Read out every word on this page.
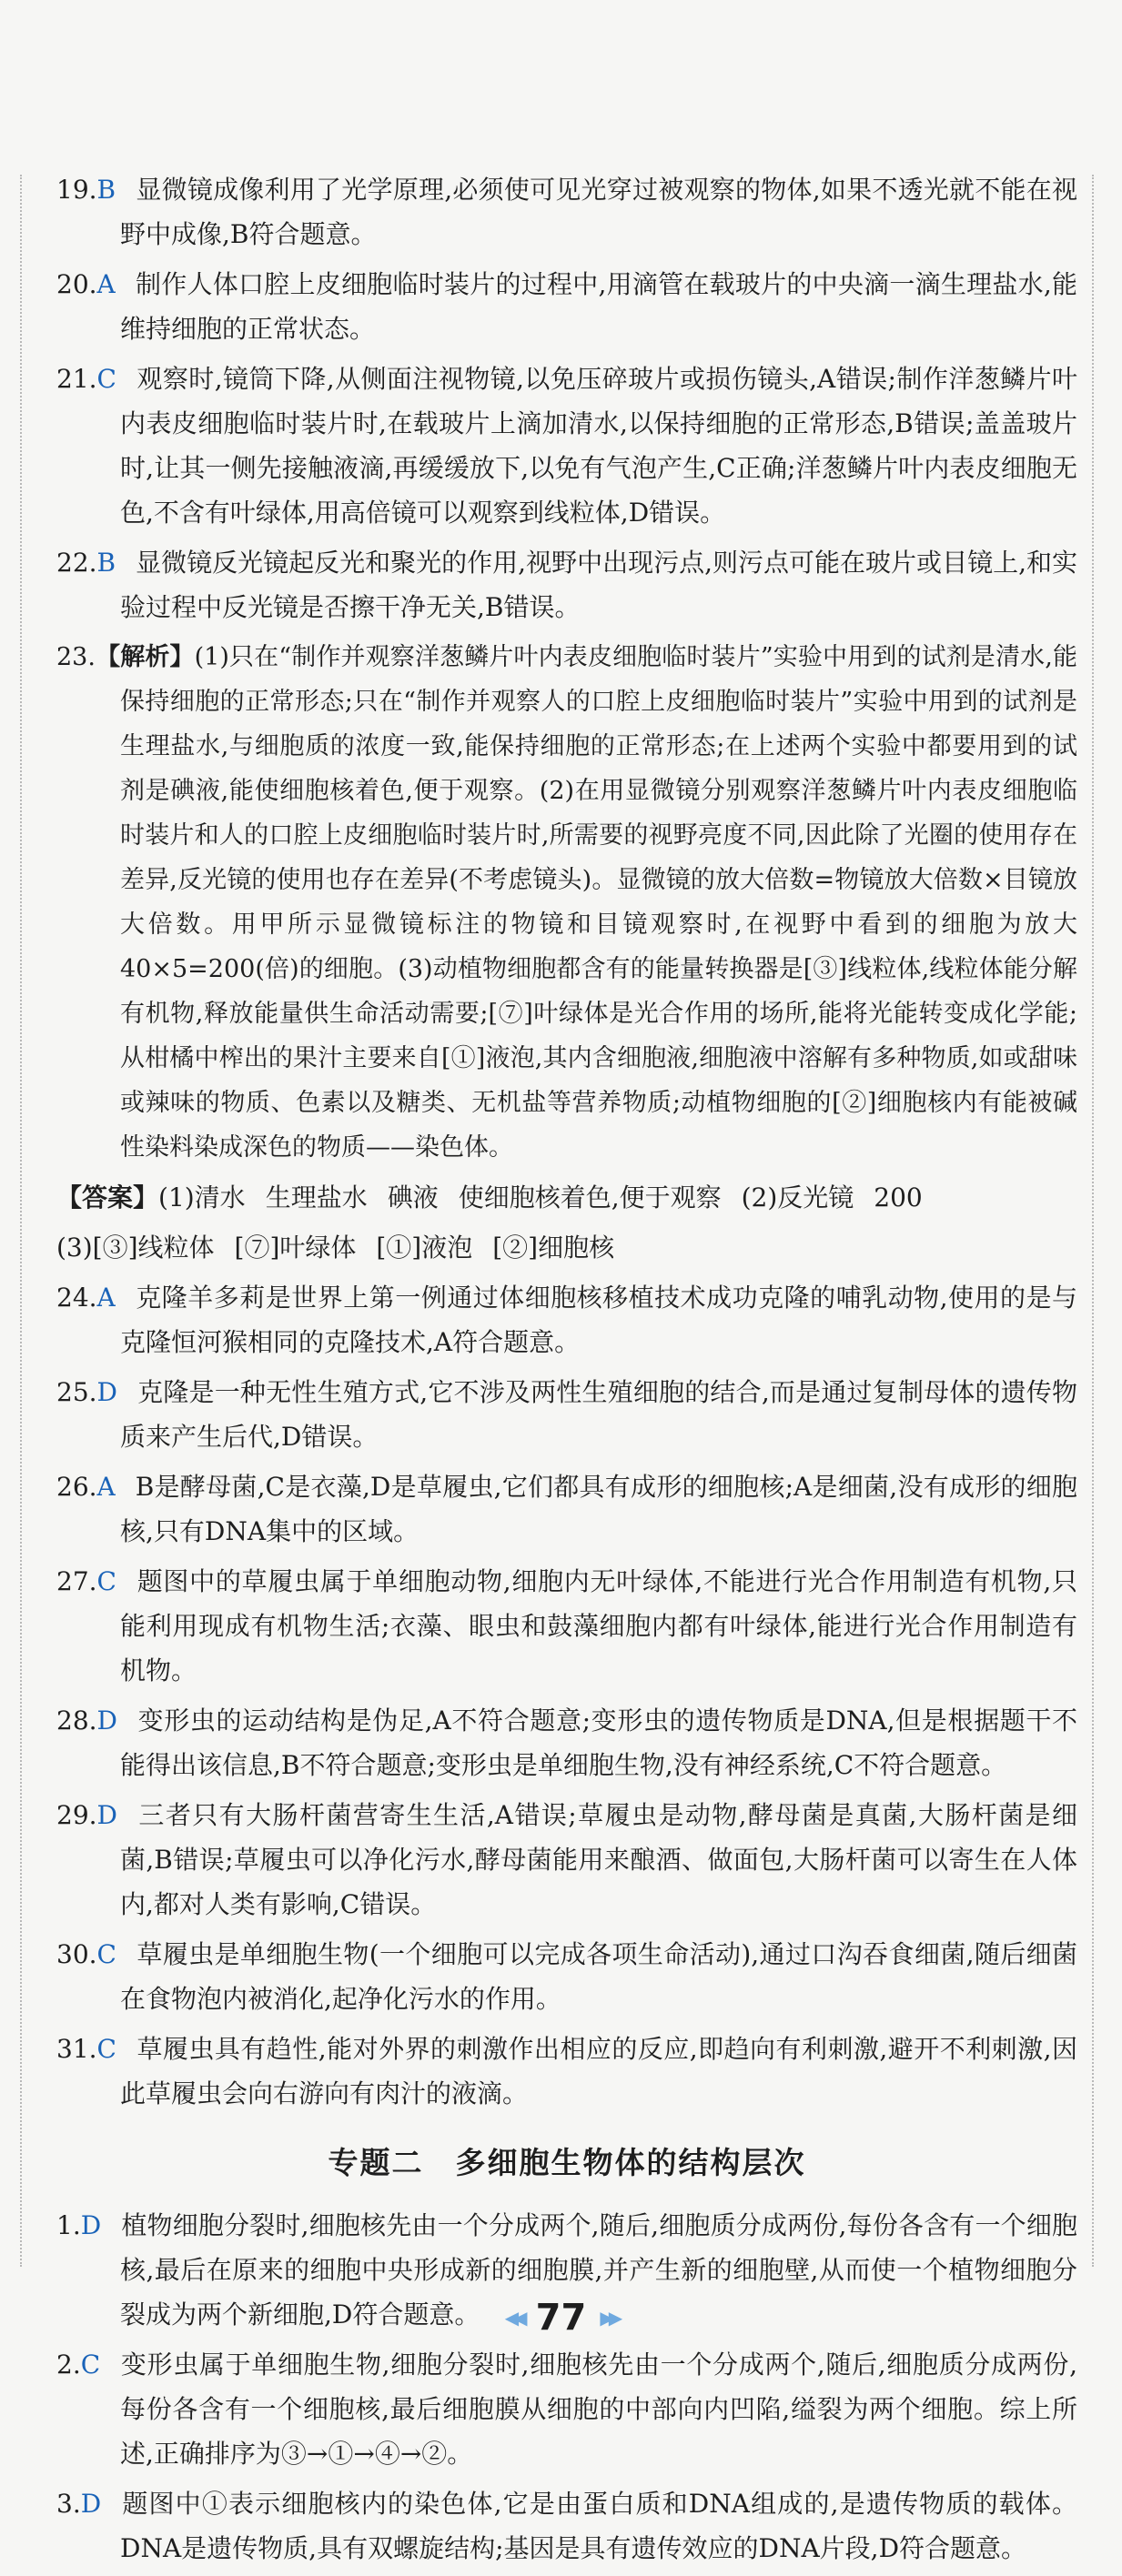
19.B 显微镜成像利用了光学原理,必须使可见光穿过被观察的物体,如果不透光就不能在视野中成像,B符合题意。

20.A 制作人体口腔上皮细胞临时装片的过程中,用滴管在载玻片的中央滴一滴生理盐水,能维持细胞的正常状态。

21.C 观察时,镜筒下降,从侧面注视物镜,以免压碎玻片或损伤镜头,A错误;制作洋葱鳞片叶内表皮细胞临时装片时,在载玻片上滴加清水,以保持细胞的正常形态,B错误;盖盖玻片时,让其一侧先接触液滴,再缓缓放下,以免有气泡产生,C正确;洋葱鳞片叶内表皮细胞无色,不含有叶绿体,用高倍镜可以观察到线粒体,D错误。

22.B 显微镜反光镜起反光和聚光的作用,视野中出现污点,则污点可能在玻片或目镜上,和实验过程中反光镜是否擦干净无关,B错误。

23.【解析】(1)只在“制作并观察洋葱鳞片叶内表皮细胞临时装片”实验中用到的试剂是清水,能保持细胞的正常形态;只在“制作并观察人的口腔上皮细胞临时装片”实验中用到的试剂是生理盐水,与细胞质的浓度一致,能保持细胞的正常形态;在上述两个实验中都要用到的试剂是碘液,能使细胞核着色,便于观察。(2)在用显微镜分别观察洋葱鳞片叶内表皮细胞临时装片和人的口腔上皮细胞临时装片时,所需要的视野亮度不同,因此除了光圈的使用存在差异,反光镜的使用也存在差异(不考虑镜头)。显微镜的放大倍数=物镜放大倍数×目镜放大倍数。用甲所示显微镜标注的物镜和目镜观察时,在视野中看到的细胞为放大40×5=200(倍)的细胞。(3)动植物细胞都含有的能量转换器是[③]线粒体,线粒体能分解有机物,释放能量供生命活动需要;[⑦]叶绿体是光合作用的场所,能将光能转变成化学能;从柑橘中榨出的果汁主要来自[①]液泡,其内含细胞液,细胞液中溶解有多种物质,如或甜味或辣味的物质、色素以及糖类、无机盐等营养物质;动植物细胞的[②]细胞核内有能被碱性染料染成深色的物质——染色体。

【答案】(1)清水 生理盐水 碘液 使细胞核着色,便于观察 (2)反光镜 200

(3)[③]线粒体 [⑦]叶绿体 [①]液泡 [②]细胞核

24.A 克隆羊多莉是世界上第一例通过体细胞核移植技术成功克隆的哺乳动物,使用的是与克隆恒河猴相同的克隆技术,A符合题意。

25.D 克隆是一种无性生殖方式,它不涉及两性生殖细胞的结合,而是通过复制母体的遗传物质来产生后代,D错误。

26.A B是酵母菌,C是衣藻,D是草履虫,它们都具有成形的细胞核;A是细菌,没有成形的细胞核,只有DNA集中的区域。

27.C 题图中的草履虫属于单细胞动物,细胞内无叶绿体,不能进行光合作用制造有机物,只能利用现成有机物生活;衣藻、眼虫和鼓藻细胞内都有叶绿体,能进行光合作用制造有机物。

28.D 变形虫的运动结构是伪足,A不符合题意;变形虫的遗传物质是DNA,但是根据题干不能得出该信息,B不符合题意;变形虫是单细胞生物,没有神经系统,C不符合题意。

29.D 三者只有大肠杆菌营寄生生活,A错误;草履虫是动物,酵母菌是真菌,大肠杆菌是细菌,B错误;草履虫可以净化污水,酵母菌能用来酿酒、做面包,大肠杆菌可以寄生在人体内,都对人类有影响,C错误。

30.C 草履虫是单细胞生物(一个细胞可以完成各项生命活动),通过口沟吞食细菌,随后细菌在食物泡内被消化,起净化污水的作用。

31.C 草履虫具有趋性,能对外界的刺激作出相应的反应,即趋向有利刺激,避开不利刺激,因此草履虫会向右游向有肉汁的液滴。

专题二　多细胞生物体的结构层次

1.D 植物细胞分裂时,细胞核先由一个分成两个,随后,细胞质分成两份,每份各含有一个细胞核,最后在原来的细胞中央形成新的细胞膜,并产生新的细胞壁,从而使一个植物细胞分裂成为两个新细胞,D符合题意。

2.C 变形虫属于单细胞生物,细胞分裂时,细胞核先由一个分成两个,随后,细胞质分成两份,每份各含有一个细胞核,最后细胞膜从细胞的中部向内凹陷,缢裂为两个细胞。综上所述,正确排序为③→①→④→②。

3.D 题图中①表示细胞核内的染色体,它是由蛋白质和DNA组成的,是遗传物质的载体。DNA是遗传物质,具有双螺旋结构;基因是具有遗传效应的DNA片段,D符合题意。

◀◀ 77 ▶▶
